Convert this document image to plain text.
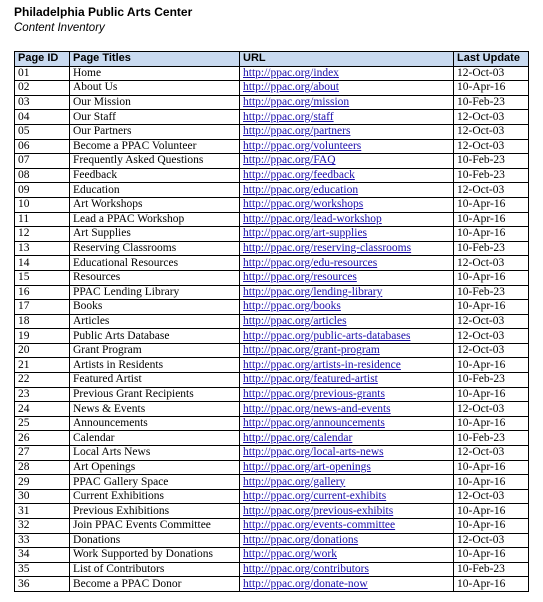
Philadelphia Public Arts Center
Content Inventory
Page ID	Page Titles	URL	Last Update
01	Home	http://ppac.org/index	12-Oct-03
02	About Us	http://ppac.org/about	10-Apr-16
03	Our Mission	http://ppac.org/mission	10-Feb-23
04	Our Staff	http://ppac.org/staff	12-Oct-03
05	Our Partners	http://ppac.org/partners	12-Oct-03
06	Become a PPAC Volunteer	http://ppac.org/volunteers	12-Oct-03
07	Frequently Asked Questions	http://ppac.org/FAQ	10-Feb-23
08	Feedback	http://ppac.org/feedback	10-Feb-23
09	Education	http://ppac.org/education	12-Oct-03
10	Art Workshops	http://ppac.org/workshops	10-Apr-16
11	Lead a PPAC Workshop	http://ppac.org/lead-workshop	10-Apr-16
12	Art Supplies	http://ppac.org/art-supplies	10-Apr-16
13	Reserving Classrooms	http://ppac.org/reserving-classrooms	10-Feb-23
14	Educational Resources	http://ppac.org/edu-resources	12-Oct-03
15	Resources	http://ppac.org/resources	10-Apr-16
16	PPAC Lending Library	http://ppac.org/lending-library	10-Feb-23
17	Books	http://ppac.org/books	10-Apr-16
18	Articles	http://ppac.org/articles	12-Oct-03
19	Public Arts Database	http://ppac.org/public-arts-databases	12-Oct-03
20	Grant Program	http://ppac.org/grant-program	12-Oct-03
21	Artists in Residents	http://ppac.org/artists-in-residence	10-Apr-16
22	Featured Artist	http://ppac.org/featured-artist	10-Feb-23
23	Previous Grant Recipients	http://ppac.org/previous-grants	10-Apr-16
24	News & Events	http://ppac.org/news-and-events	12-Oct-03
25	Announcements	http://ppac.org/announcements	10-Apr-16
26	Calendar	http://ppac.org/calendar	10-Feb-23
27	Local Arts News	http://ppac.org/local-arts-news	12-Oct-03
28	Art Openings	http://ppac.org/art-openings	10-Apr-16
29	PPAC Gallery Space	http://ppac.org/gallery	10-Apr-16
30	Current Exhibitions	http://ppac.org/current-exhibits	12-Oct-03
31	Previous Exhibitions	http://ppac.org/previous-exhibits	10-Apr-16
32	Join PPAC Events Committee	http://ppac.org/events-committee	10-Apr-16
33	Donations	http://ppac.org/donations	12-Oct-03
34	Work Supported by Donations	http://ppac.org/work	10-Apr-16
35	List of Contributors	http://ppac.org/contributors	10-Feb-23
36	Become a PPAC Donor	http://ppac.org/donate-now	10-Apr-16
